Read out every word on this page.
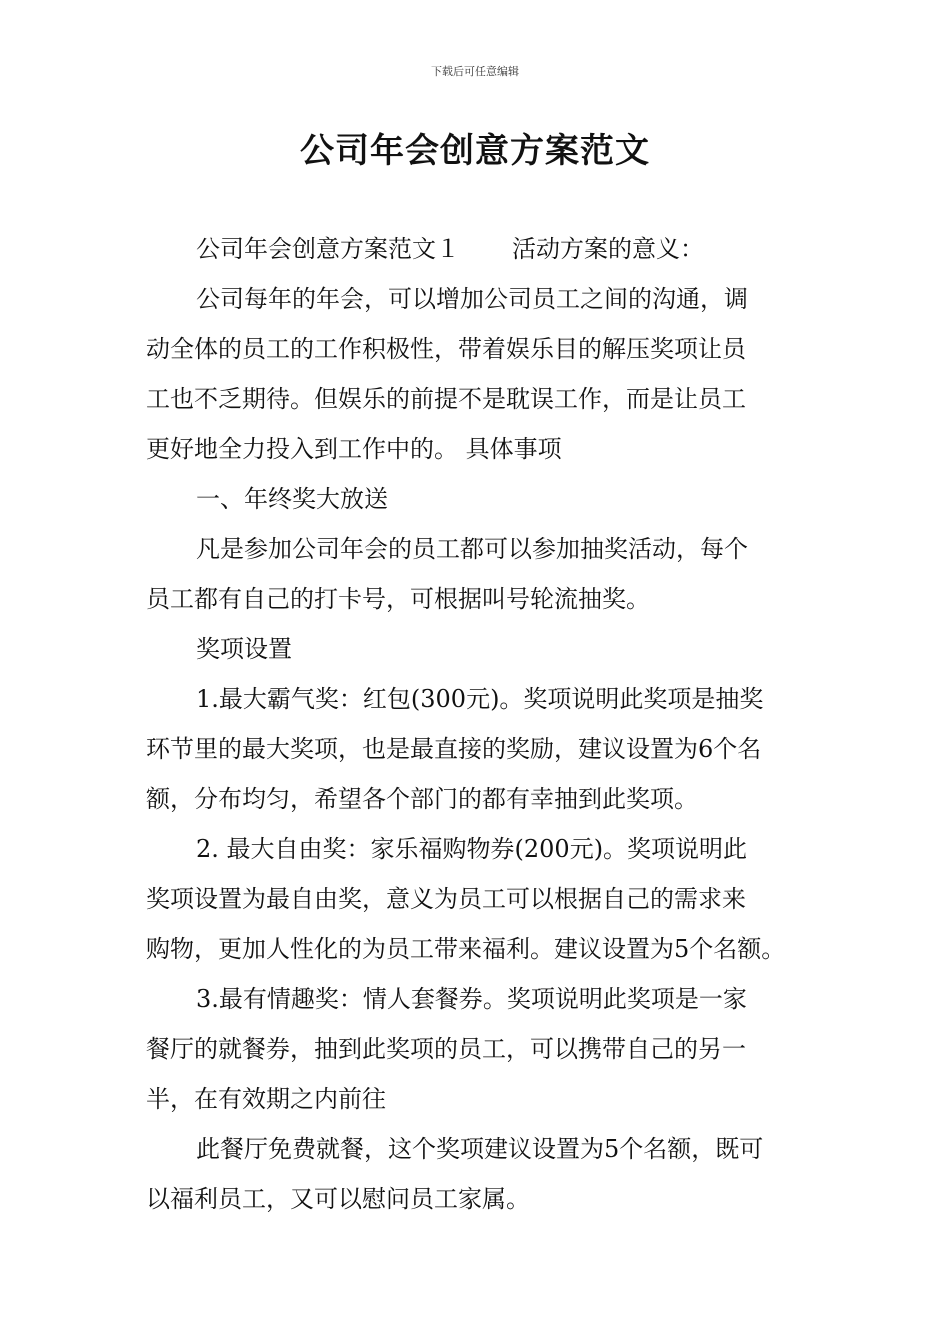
下载后可任意编辑
公司年会创意方案范文
公司年会创意方案范文１ 活动方案的意义：
公司每年的年会，可以增加公司员工之间的沟通，调
动全体的员工的工作积极性，带着娱乐目的解压奖项让员
工也不乏期待。但娱乐的前提不是耽误工作，而是让员工
更好地全力投入到工作中的。 具体事项
一、年终奖大放送
凡是参加公司年会的员工都可以参加抽奖活动，每个
员工都有自己的打卡号，可根据叫号轮流抽奖。
奖项设置
1.最大霸气奖：红包(300元)。奖项说明此奖项是抽奖
环节里的最大奖项，也是最直接的奖励，建议设置为6个名
额，分布均匀，希望各个部门的都有幸抽到此奖项。
2. 最大自由奖：家乐福购物券(200元)。奖项说明此
奖项设置为最自由奖，意义为员工可以根据自己的需求来
购物，更加人性化的为员工带来福利。建议设置为5个名额。
3.最有情趣奖：情人套餐券。奖项说明此奖项是一家
餐厅的就餐券，抽到此奖项的员工，可以携带自己的另一
半，在有效期之内前往
此餐厅免费就餐，这个奖项建议设置为5个名额，既可
以福利员工，又可以慰问员工家属。
